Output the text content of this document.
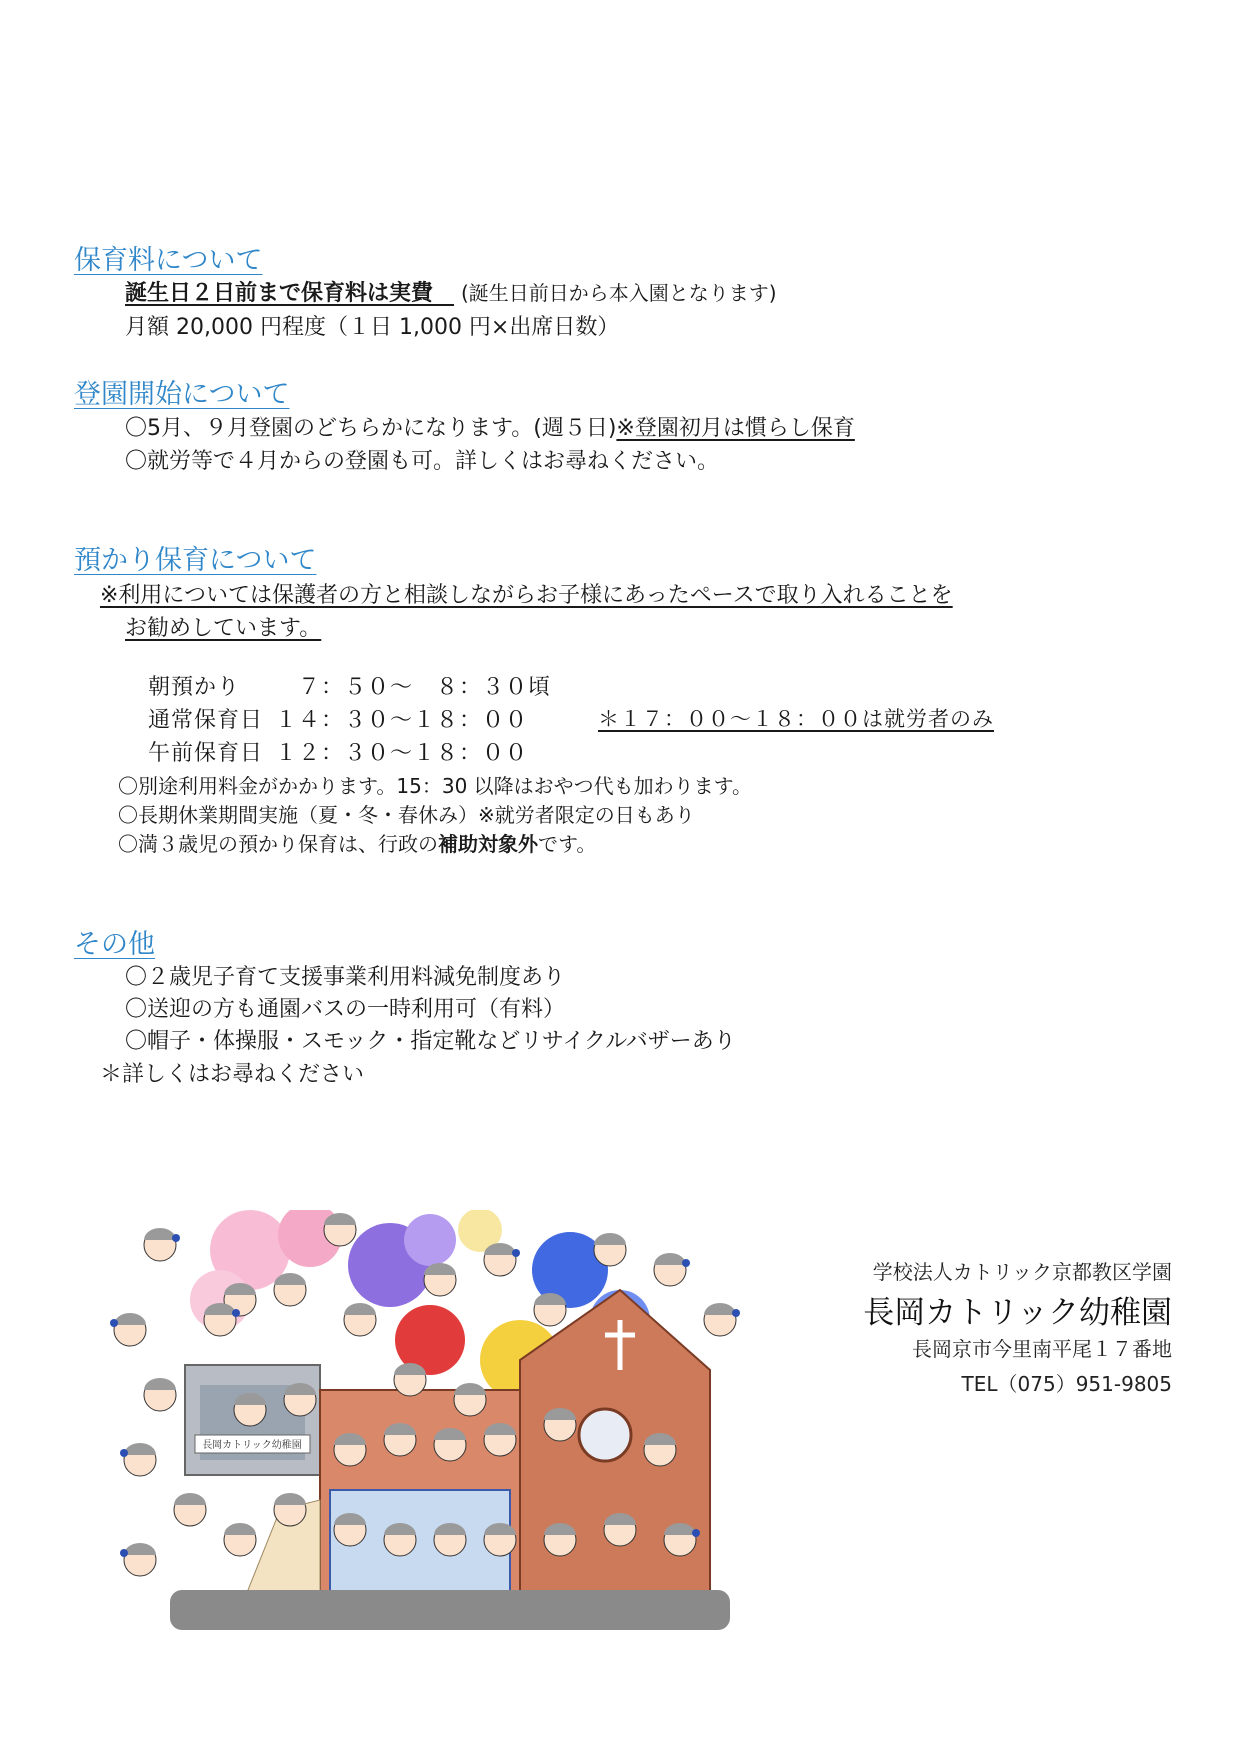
保育料について
誕生日２日前まで保育料は実費 (誕生日前日から本入園となります)
月額 20,000 円程度（１日 1,000 円×出席日数）
登園開始について
〇5月、９月登園のどちらかになります。(週５日)※登園初月は慣らし保育
〇就労等で４月からの登園も可。詳しくはお尋ねください。
預かり保育について
※利用については保護者の方と相談しながらお子様にあったペースで取り入れることを
お勧めしています。
朝預かり	７：５０～　８：３０頃
通常保育日 １４：３０～１８：００	＊１７：００～１８：００は就労者のみ
午前保育日 １２：３０～１８：００
〇別途利用料金がかかります。15：30 以降はおやつ代も加わります。
〇長期休業期間実施（夏・冬・春休み）※就労者限定の日もあり
〇満３歳児の預かり保育は、行政の補助対象外です。
その他
〇２歳児子育て支援事業利用料減免制度あり
〇送迎の方も通園バスの一時利用可（有料）
〇帽子・体操服・スモック・指定靴などリサイクルバザーあり
＊詳しくはお尋ねください
学校法人カトリック京都教区学園
長岡カトリック幼稚園
長岡京市今里南平尾１７番地
TEL（075）951-9805
長岡カトリック幼稚園
